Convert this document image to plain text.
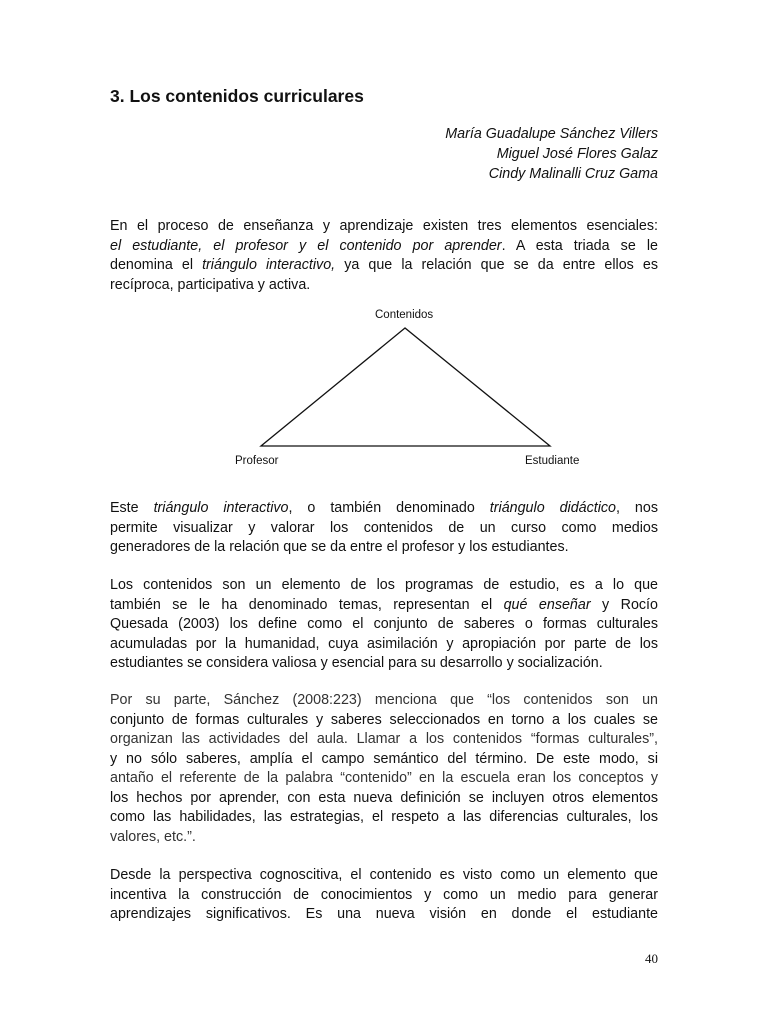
3. Los contenidos curriculares
María Guadalupe Sánchez Villers
Miguel José Flores Galaz
Cindy Malinalli Cruz Gama

En el proceso de enseñanza y aprendizaje existen tres elementos esenciales:
el estudiante, el profesor y el contenido por aprender. A esta triada se le
denomina el triángulo interactivo, ya que la relación que se da entre ellos es
recíproca, participativa y activa.

Contenidos
Profesor	Estudiante

Este triángulo interactivo, o también denominado triángulo didáctico, nos
permite visualizar y valorar los contenidos de un curso como medios
generadores de la relación que se da entre el profesor y los estudiantes.

Los contenidos son un elemento de los programas de estudio, es a lo que
también se le ha denominado temas, representan el qué enseñar y Rocío
Quesada (2003) los define como el conjunto de saberes o formas culturales
acumuladas por la humanidad, cuya asimilación y apropiación por parte de los
estudiantes se considera valiosa y esencial para su desarrollo y socialización.

Por su parte, Sánchez (2008:223) menciona que “los contenidos son un
conjunto de formas culturales y saberes seleccionados en torno a los cuales se
organizan las actividades del aula. Llamar a los contenidos “formas culturales”,
y no sólo saberes, amplía el campo semántico del término. De este modo, si
antaño el referente de la palabra “contenido” en la escuela eran los conceptos y
los hechos por aprender, con esta nueva definición se incluyen otros elementos
como las habilidades, las estrategias, el respeto a las diferencias culturales, los
valores, etc.”.

Desde la perspectiva cognoscitiva, el contenido es visto como un elemento que
incentiva la construcción de conocimientos y como un medio para generar
aprendizajes significativos. Es una nueva visión en donde el estudiante

40
